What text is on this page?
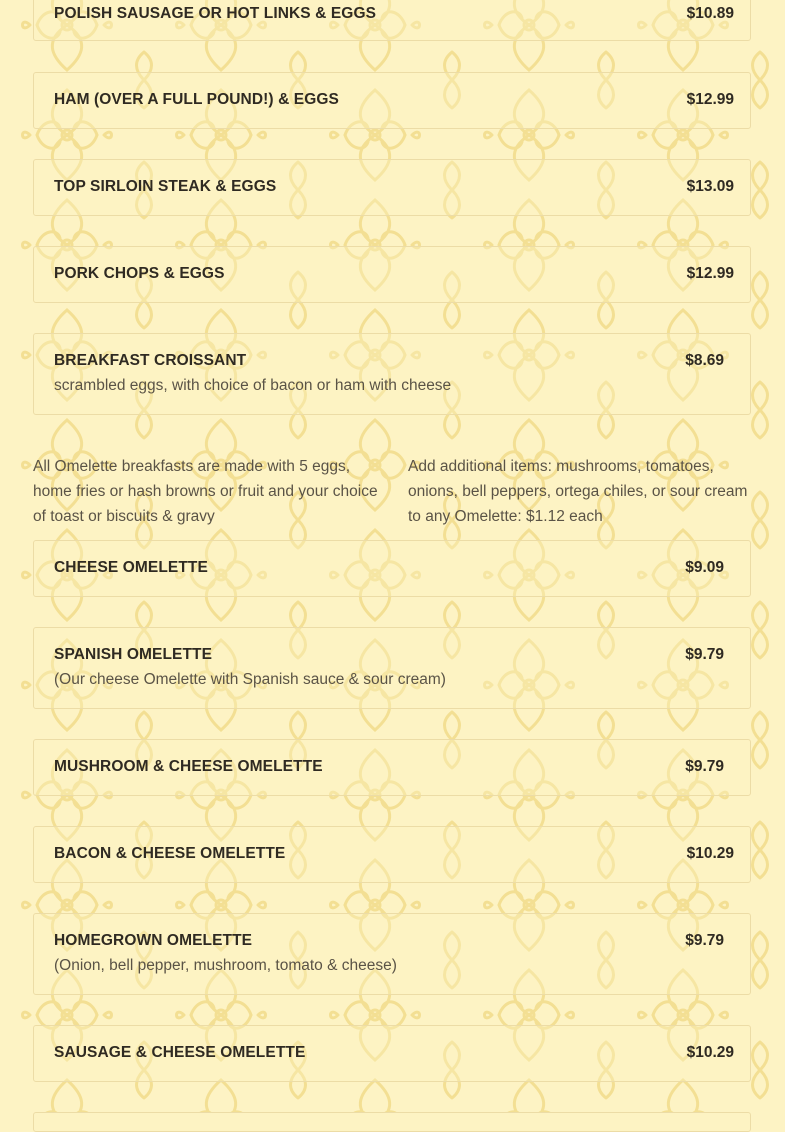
POLISH SAUSAGE OR HOT LINKS & EGGS	$10.89
HAM (OVER A FULL POUND!) & EGGS	$12.99
TOP SIRLOIN STEAK & EGGS	$13.09
PORK CHOPS & EGGS	$12.99
BREAKFAST CROISSANT	$8.69
scrambled eggs, with choice of bacon or ham with cheese
All Omelette breakfasts are made with 5 eggs, home fries or hash browns or fruit and your choice of toast or biscuits & gravy
Add additional items: mushrooms, tomatoes, onions, bell peppers, ortega chiles, or sour cream to any Omelette: $1.12 each
CHEESE OMELETTE	$9.09
SPANISH OMELETTE	$9.79
(Our cheese Omelette with Spanish sauce & sour cream)
MUSHROOM & CHEESE OMELETTE	$9.79
BACON & CHEESE OMELETTE	$10.29
HOMEGROWN OMELETTE	$9.79
(Onion, bell pepper, mushroom, tomato & cheese)
SAUSAGE & CHEESE OMELETTE	$10.29
